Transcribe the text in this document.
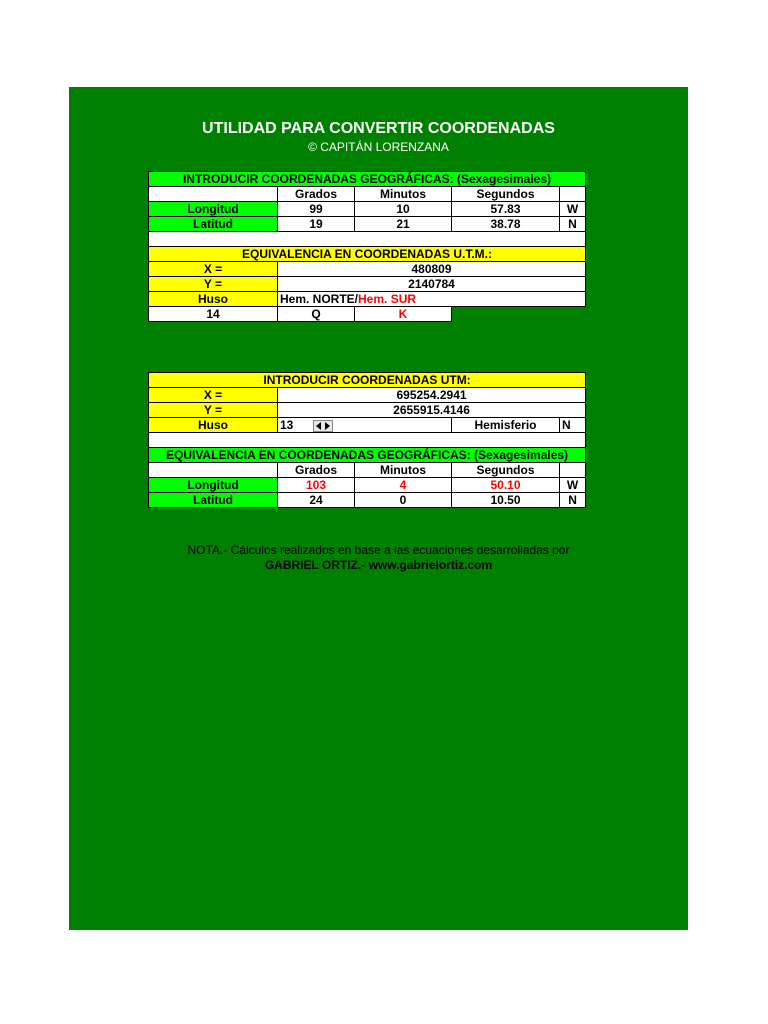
UTILIDAD PARA CONVERTIR COORDENADAS
© CAPITÁN LORENZANA
INTRODUCIR COORDENADAS GEOGRÁFICAS: (Sexagesimales)				
	Grados	Minutos	Segundos	
Longitud	99	10	57.83	W
Latitud	19	21	38.78	N

EQUIVALENCIA EN COORDENADAS U.T.M.:				
X =	480809			
Y =	2140784			
Huso	Hem. NORTE/Hem. SUR			
14	Q	K		
INTRODUCIR COORDENADAS UTM:				
X =	695254.2941			
Y =	2655915.4146			
Huso	13		Hemisferio	N

EQUIVALENCIA EN COORDENADAS GEOGRÁFICAS: (Sexagesimales)				
	Grados	Minutos	Segundos	
Longitud	103	4	50.10	W
Latitud	24	0	10.50	N
NOTA.- Cálculos realizados en base a las ecuaciones desarrolladas por
GABRIEL ORTIZ.- www.gabrielortiz.com
